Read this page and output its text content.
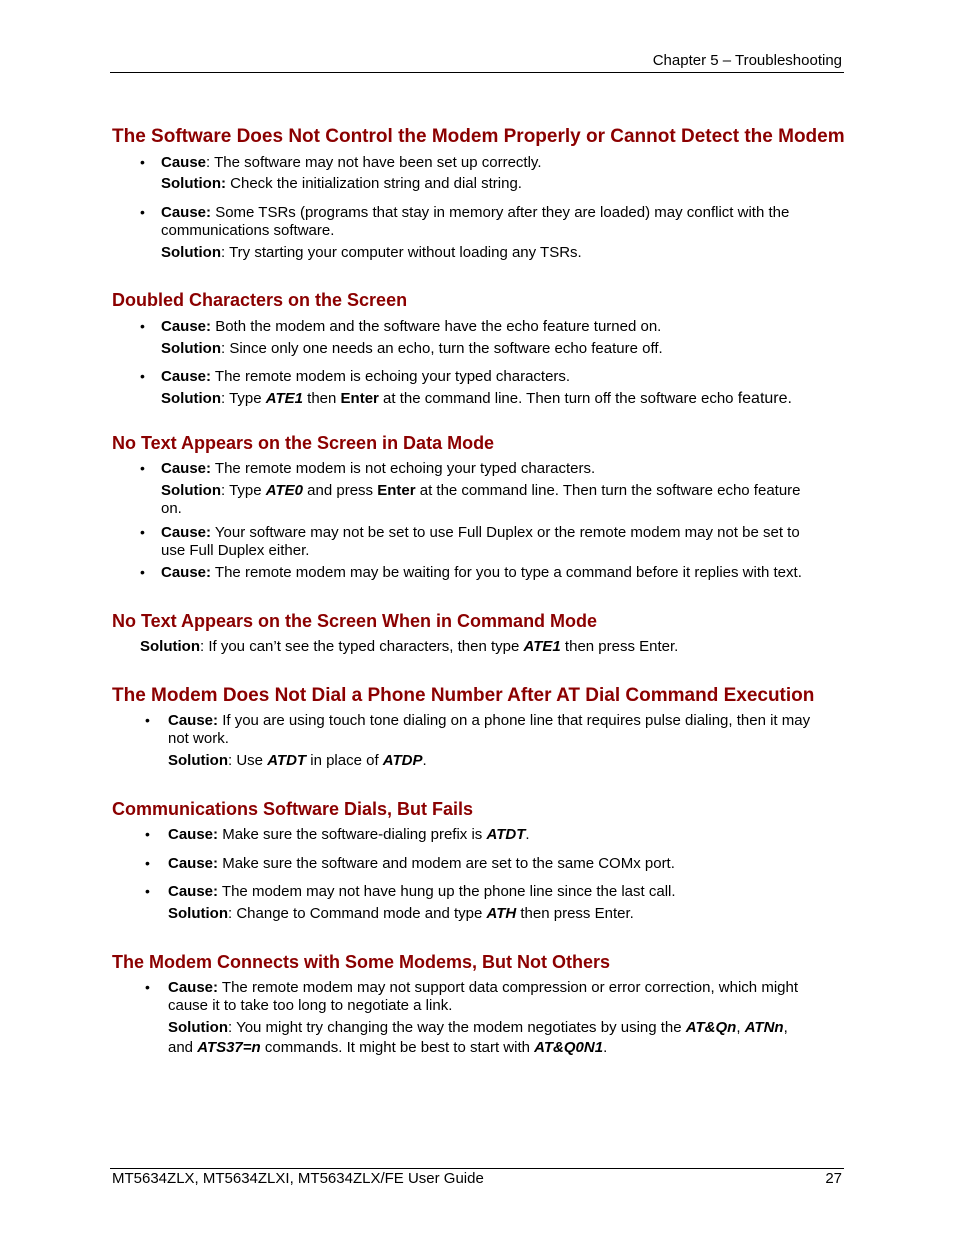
Chapter 5 – Troubleshooting
The Software Does Not Control the Modem Properly or Cannot Detect the Modem
• Cause: The software may not have been set up correctly.

Solution: Check the initialization string and dial string.

• Cause: Some TSRs (programs that stay in memory after they are loaded) may conflict with the

communications software.

Solution: Try starting your computer without loading any TSRs.

Doubled Characters on the Screen
• Cause: Both the modem and the software have the echo feature turned on.

Solution: Since only one needs an echo, turn the software echo feature off.

• Cause: The remote modem is echoing your typed characters.

Solution: Type ATE1 then Enter at the command line. Then turn off the software echo feature.

No Text Appears on the Screen in Data Mode
• Cause: The remote modem is not echoing your typed characters.

Solution: Type ATE0 and press Enter at the command line. Then turn the software echo feature

on.

• Cause: Your software may not be set to use Full Duplex or the remote modem may not be set to

use Full Duplex either.

• Cause: The remote modem may be waiting for you to type a command before it replies with text.

No Text Appears on the Screen When in Command Mode

Solution: If you can’t see the typed characters, then type ATE1 then press Enter.

The Modem Does Not Dial a Phone Number After AT Dial Command Execution
• Cause: If you are using touch tone dialing on a phone line that requires pulse dialing, then it may

not work.

Solution: Use ATDT in place of ATDP.

Communications Software Dials, But Fails
• Cause: Make sure the software-dialing prefix is ATDT.

• Cause: Make sure the software and modem are set to the same COMx port.

• Cause: The modem may not have hung up the phone line since the last call.

Solution: Change to Command mode and type ATH then press Enter.

The Modem Connects with Some Modems, But Not Others
• Cause: The remote modem may not support data compression or error correction, which might

cause it to take too long to negotiate a link.

Solution: You might try changing the way the modem negotiates by using the AT&Qn, ATNn,

and ATS37=n commands. It might be best to start with AT&Q0N1.

MT5634ZLX, MT5634ZLXI, MT5634ZLX/FE User Guide	27
